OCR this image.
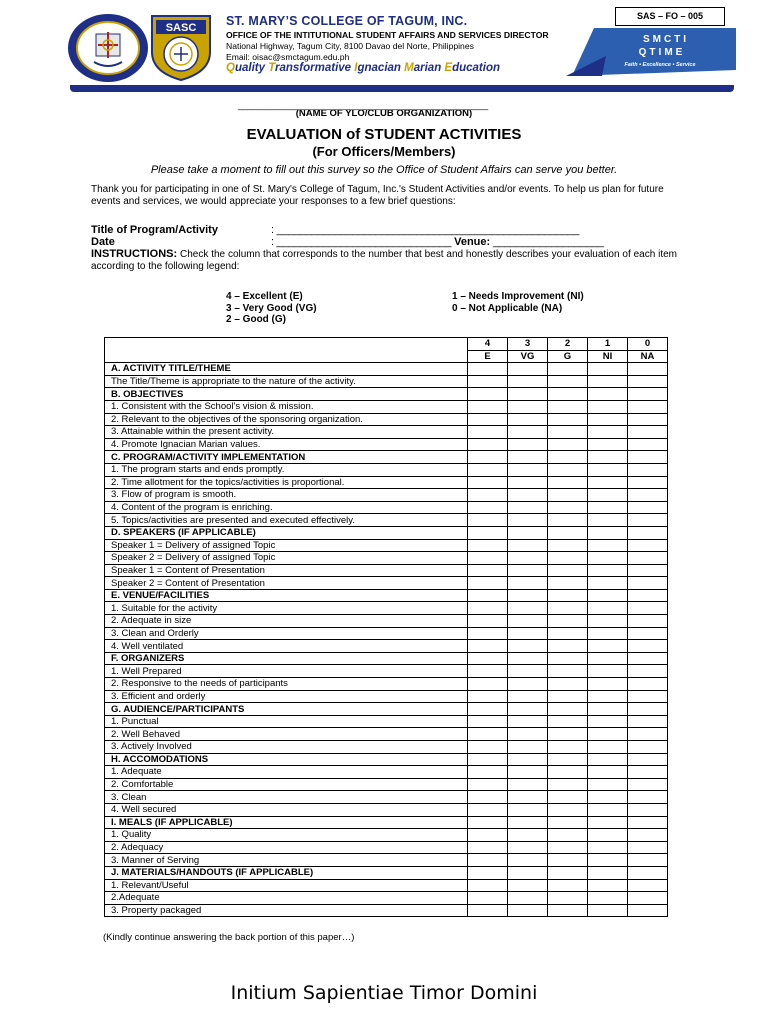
SASC ST. MARY’S COLLEGE OF TAGUM, INC.
OFFICE OF THE INTITUTIONAL STUDENT AFFAIRS AND SERVICES DIRECTOR
National Highway, Tagum City, 8100 Davao del Norte, Philippines
Email: oisac@smctagum.edu.ph
Quality Transformative Ignacian Marian Education
SAS – FO – 005
SMCTI
QTIME
Faith • Excellence • Service
____________________________________________________
(NAME OF YLO/CLUB ORGANIZATION)
EVALUATION of STUDENT ACTIVITIES
(For Officers/Members)
Please take a moment to fill out this survey so the Office of Student Affairs can serve you better.
Thank you for participating in one of St. Mary's College of Tagum, Inc.'s Student Activities and/or events. To help us plan for future events and services, we would appreciate your responses to a few brief questions:
Title of Program/Activity	: ____________________________________________________
Date	: ______________________________ Venue: ___________________
INSTRUCTIONS: Check the column that corresponds to the number that best and honestly describes your evaluation of each item according to the following legend:
4 – Excellent (E)
3 – Very Good (VG)
2 – Good (G)
1 – Needs Improvement (NI)
0 – Not Applicable (NA)
	4	3	2	1	0
	E	VG	G	NI	NA
A. ACTIVITY TITLE/THEME					
The Title/Theme is appropriate to the nature of the activity.					
B. OBJECTIVES					
1. Consistent with the School's vision & mission.					
2. Relevant to the objectives of the sponsoring organization.					
3. Attainable within the present activity.					
4. Promote Ignacian Marian values.					
C. PROGRAM/ACTIVITY IMPLEMENTATION					
1. The program starts and ends promptly.					
2. Time allotment for the topics/activities is proportional.					
3. Flow of program is smooth.					
4. Content of the program is enriching.					
5. Topics/activities are presented and executed effectively.					
D. SPEAKERS (IF APPLICABLE)					
Speaker 1 = Delivery of assigned Topic					
Speaker 2 = Delivery of assigned Topic					
Speaker 1 = Content of Presentation					
Speaker 2 = Content of Presentation					
E. VENUE/FACILITIES					
1. Suitable for the activity					
2. Adequate in size					
3. Clean and Orderly					
4. Well ventilated					
F. ORGANIZERS					
1. Well Prepared					
2. Responsive to the needs of participants					
3. Efficient and orderly					
G. AUDIENCE/PARTICIPANTS					
1. Punctual					
2. Well Behaved					
3. Actively Involved					
H. ACCOMODATIONS					
1. Adequate					
2. Comfortable					
3. Clean					
4. Well secured					
I. MEALS (IF APPLICABLE)					
1. Quality					
2. Adequacy					
3. Manner of Serving					
J. MATERIALS/HANDOUTS (IF APPLICABLE)					
1. Relevant/Useful					
2.Adequate					
3. Property packaged					
(Kindly continue answering the back portion of this paper…)
Initium Sapientiae Timor Domini
